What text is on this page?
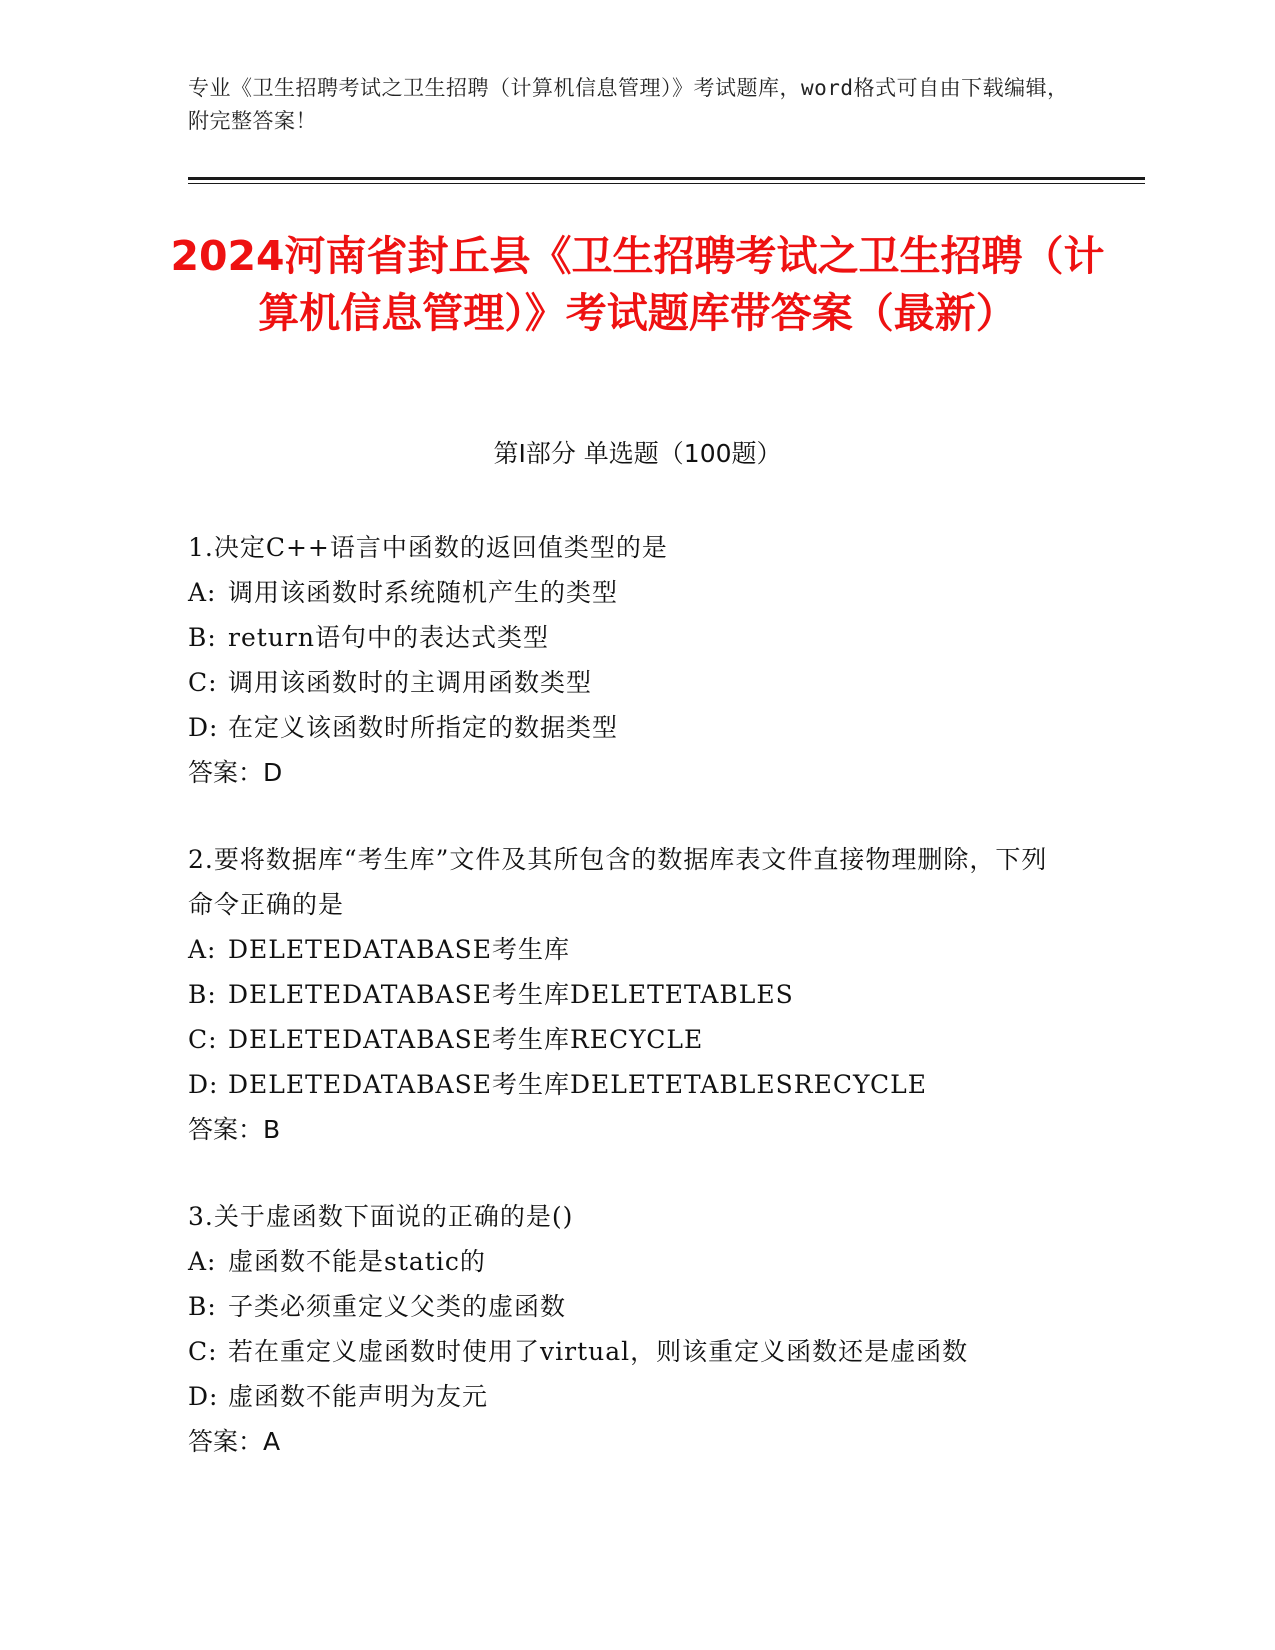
专业《卫生招聘考试之卫生招聘（计算机信息管理）》考试题库，word格式可自由下载编辑，附完整答案！
2024河南省封丘县《卫生招聘考试之卫生招聘（计算机信息管理）》考试题库带答案（最新）
第I部分 单选题（100题）
1.决定C++语言中函数的返回值类型的是
A: 调用该函数时系统随机产生的类型
B: return语句中的表达式类型
C: 调用该函数时的主调用函数类型
D: 在定义该函数时所指定的数据类型
答案：D
2.要将数据库“考生库”文件及其所包含的数据库表文件直接物理删除，下列命令正确的是
A: DELETEDATABASE考生库
B: DELETEDATABASE考生库DELETETABLES
C: DELETEDATABASE考生库RECYCLE
D: DELETEDATABASE考生库DELETETABLESRECYCLE
答案：B
3.关于虚函数下面说的正确的是()
A: 虚函数不能是static的
B: 子类必须重定义父类的虚函数
C: 若在重定义虚函数时使用了virtual，则该重定义函数还是虚函数
D: 虚函数不能声明为友元
答案：A
